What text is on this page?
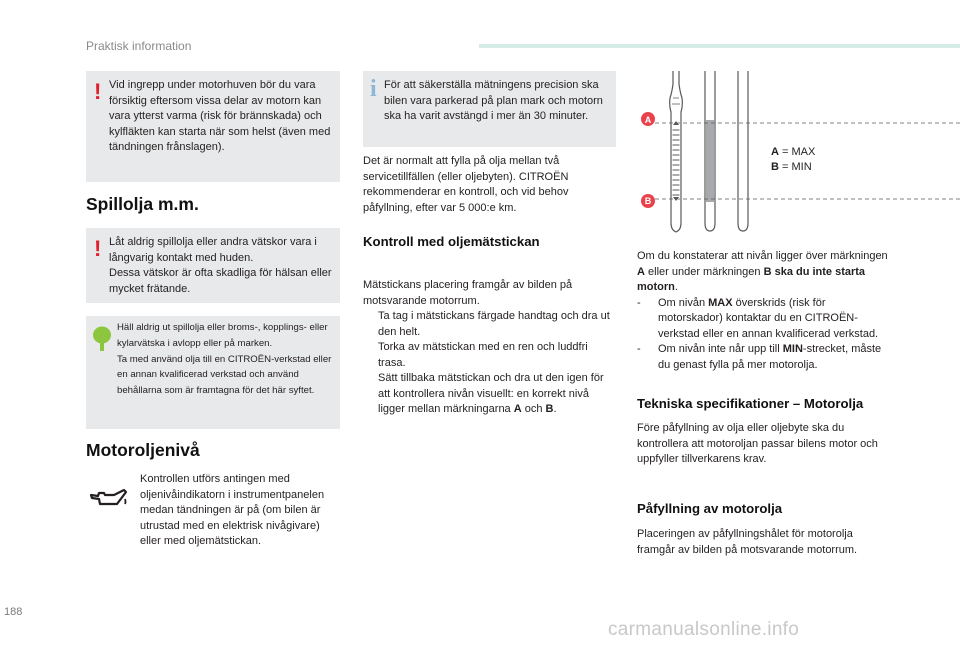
Praktisk information
! Vid ingrepp under motorhuven bör du vara försiktig eftersom vissa delar av motorn kan vara ytterst varma (risk för brännskada) och kylfläkten kan starta när som helst (även med tändningen frånslagen).

Spillolja m.m.
! Låt aldrig spillolja eller andra vätskor vara i långvarig kontakt med huden.

Dessa vätskor är ofta skadliga för hälsan eller mycket frätande.

Häll aldrig ut spillolja eller broms-, kopplings- eller kylarvätska i avlopp eller på marken.

Ta med använd olja till en CITROËN-verkstad eller en annan kvalificerad verkstad och använd behållarna som är framtagna för det här syftet.

Motoroljenivå
Kontrollen utförs antingen med oljenivåindikatorn i instrumentpanelen medan tändningen är på (om bilen är utrustad med en elektrisk nivågivare) eller med oljemätstickan.
i För att säkerställa mätningens precision ska bilen vara parkerad på plan mark och motorn ska ha varit avstängd i mer än 30 minuter.

Det är normalt att fylla på olja mellan två servicetillfällen (eller oljebyten). CITROËN rekommenderar en kontroll, och vid behov påfyllning, efter var 5 000:e km.
Kontroll med oljemätstickan

Mätstickans placering framgår av bilden på motsvarande motorrum.

Ta tag i mätstickans färgade handtag och dra ut den helt.
Torka av mätstickan med en ren och luddfri trasa.
Sätt tillbaka mätstickan och dra ut den igen för att kontrollera nivån visuellt: en korrekt nivå ligger mellan märkningarna A och B.
A
B
A = MAX
B = MIN

Om du konstaterar att nivån ligger över märkningen A eller under märkningen B ska du inte starta motorn.

- Om nivån MAX överskrids (risk för motorskador) kontaktar du en CITROËN-verkstad eller en annan kvalificerad verkstad.
- Om nivån inte når upp till MIN-strecket, måste du genast fylla på mer motorolja.
Tekniska specifikationer – Motorolja
Före påfyllning av olja eller oljebyte ska du kontrollera att motoroljan passar bilens motor och uppfyller tillverkarens krav.
Påfyllning av motorolja
Placeringen av påfyllningshålet för motorolja framgår av bilden på motsvarande motorrum.
188
carmanualsonline.info
